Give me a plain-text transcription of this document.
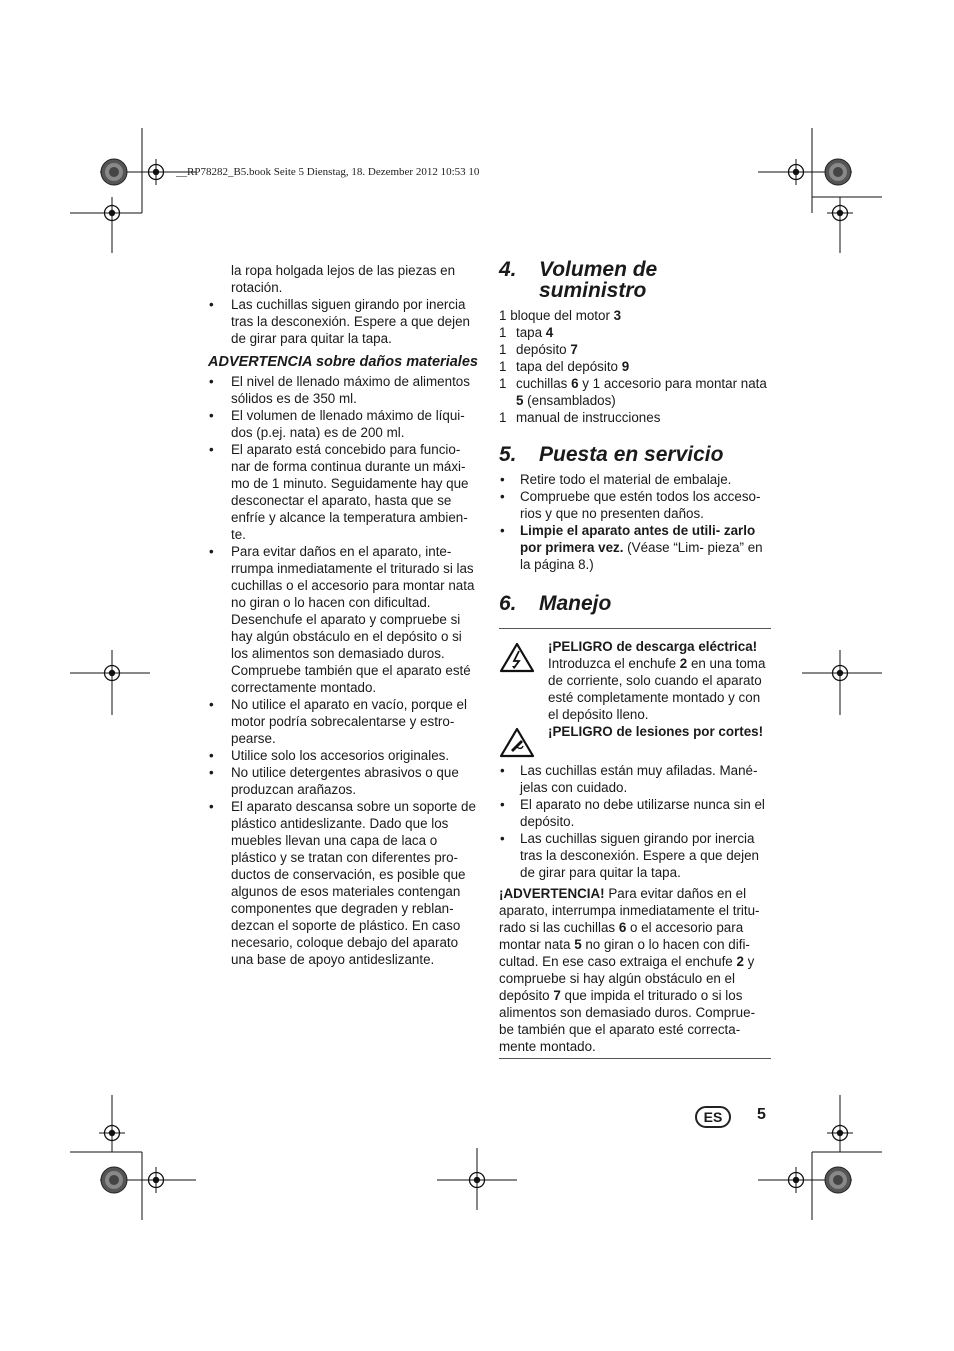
__RP78282_B5.book Seite 5 Dienstag, 18. Dezember 2012 10:53 10

la ropa holgada lejos de las piezas en rotación.

• Las cuchillas siguen girando por inercia tras la desconexión. Espere a que dejen de girar para quitar la tapa.
ADVERTENCIA sobre daños materiales
• El nivel de llenado máximo de alimentos sólidos es de 350 ml.
• El volumen de llenado máximo de líqui- dos (p.ej. nata) es de 200 ml.
• El aparato está concebido para funcio- nar de forma continua durante un máxi- mo de 1 minuto. Seguidamente hay que desconectar el aparato, hasta que se enfríe y alcance la temperatura ambien- te.
• Para evitar daños en el aparato, inte- rrumpa inmediatamente el triturado si las cuchillas o el accesorio para montar nata no giran o lo hacen con dificultad. Desenchufe el aparato y compruebe si hay algún obstáculo en el depósito o si los alimentos son demasiado duros. Compruebe también que el aparato esté correctamente montado.
• No utilice el aparato en vacío, porque el motor podría sobrecalentarse y estro- pearse.
• Utilice solo los accesorios originales.
• No utilice detergentes abrasivos o que produzcan arañazos.
• El aparato descansa sobre un soporte de plástico antideslizante. Dado que los muebles llevan una capa de laca o plástico y se tratan con diferentes pro- ductos de conservación, es posible que algunos de esos materiales contengan componentes que degraden y reblan- dezcan el soporte de plástico. En caso necesario, coloque debajo del aparato una base de apoyo antideslizante.
4. Volumen de
suministro
1 bloque del motor 3
1 tapa 4
1 depósito 7
1 tapa del depósito 9
1 cuchillas 6 y 1 accesorio para montar nata 5 (ensamblados)
1 manual de instrucciones
5. Puesta en servicio
• Retire todo el material de embalaje.
• Compruebe que estén todos los acceso- rios y que no presenten daños.
• Limpie el aparato antes de utili- zarlo por primera vez. (Véase “Lim- pieza” en la página 8.)
6. Manejo
¡PELIGRO de descarga eléctrica!
Introduzca el enchufe 2 en una toma de corriente, solo cuando el aparato esté completamente montado y con el depósito lleno.
¡PELIGRO de lesiones por cortes!
• Las cuchillas están muy afiladas. Mané- jelas con cuidado.
• El aparato no debe utilizarse nunca sin el depósito.
• Las cuchillas siguen girando por inercia tras la desconexión. Espere a que dejen de girar para quitar la tapa.

¡ADVERTENCIA! Para evitar daños en el aparato, interrumpa inmediatamente el tritu- rado si las cuchillas 6 o el accesorio para montar nata 5 no giran o lo hacen con difi- cultad. En ese caso extraiga el enchufe 2 y compruebe si hay algún obstáculo en el depósito 7 que impida el triturado o si los alimentos son demasiado duros. Comprue- be también que el aparato esté correcta- mente montado.

ES	5
